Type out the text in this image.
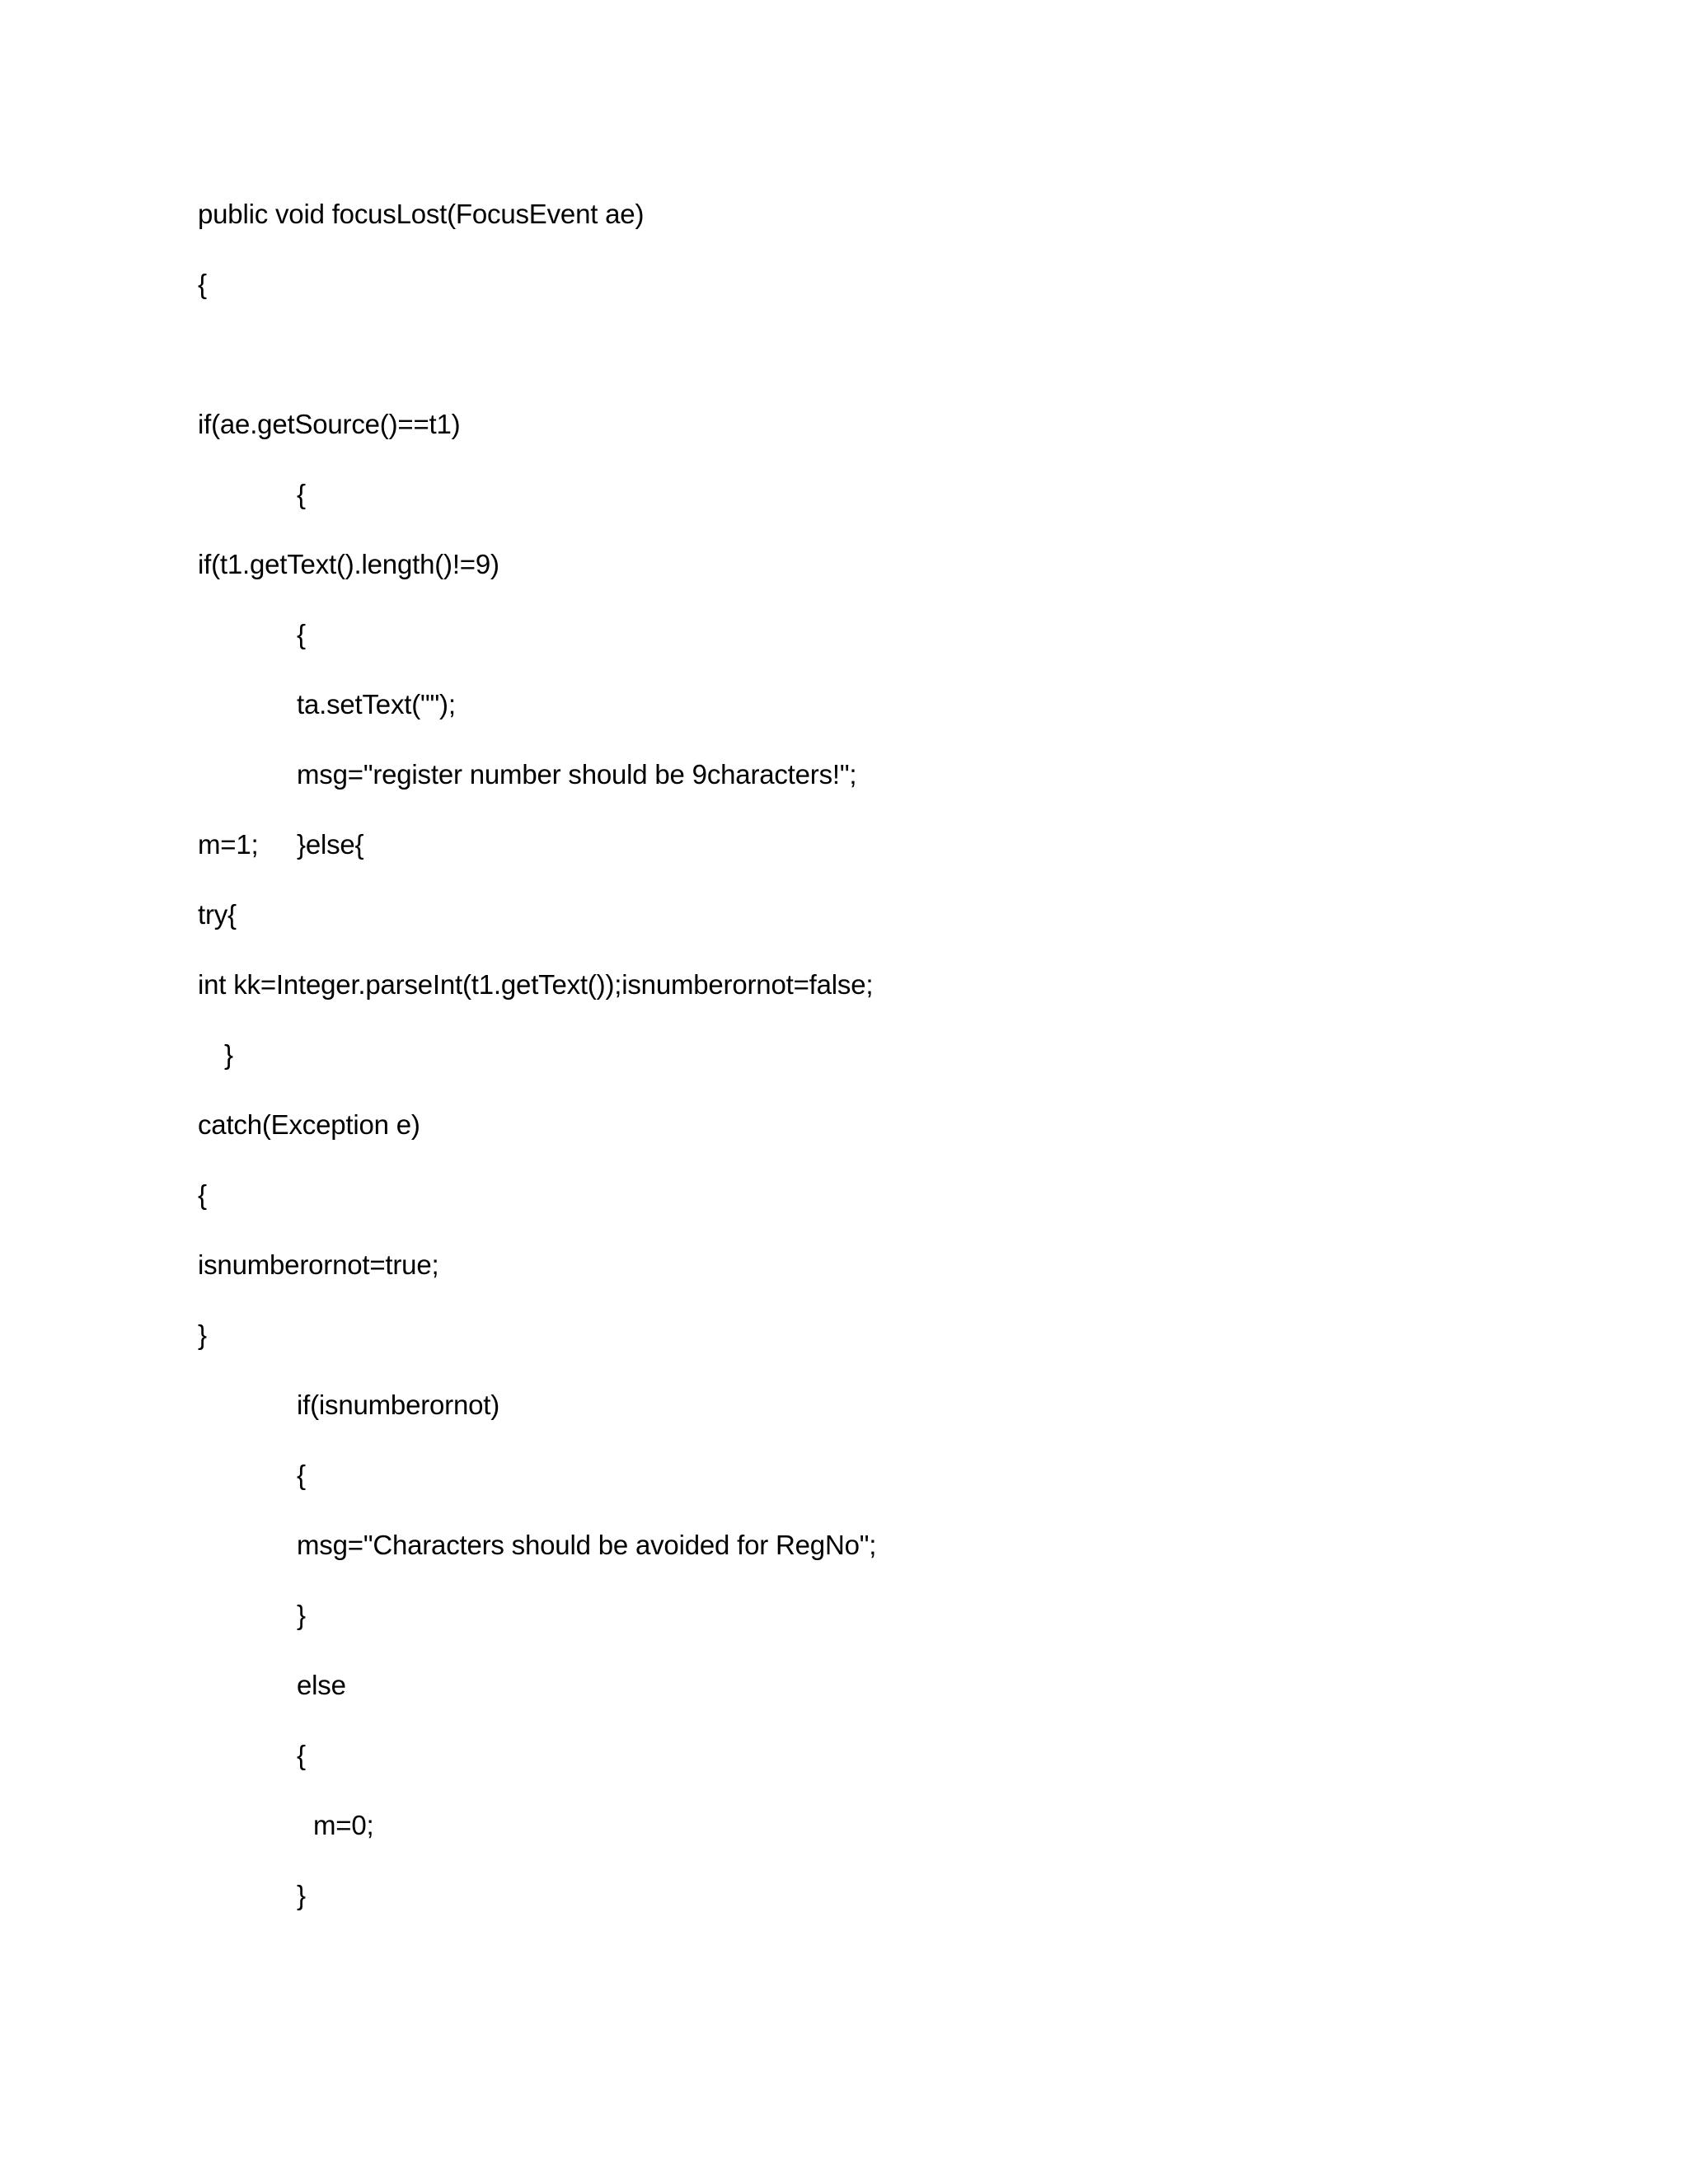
public void focusLost(FocusEvent ae)
{
if(ae.getSource()==t1)
{
if(t1.getText().length()!=9)
{
ta.setText("");
msg="register number should be 9characters!";
m=1; }else{
try{
int kk=Integer.parseInt(t1.getText());isnumberornot=false;
}
catch(Exception e)
{
isnumberornot=true;
}
if(isnumberornot)
{
msg="Characters should be avoided for RegNo";
}
else
{
m=0;
}
